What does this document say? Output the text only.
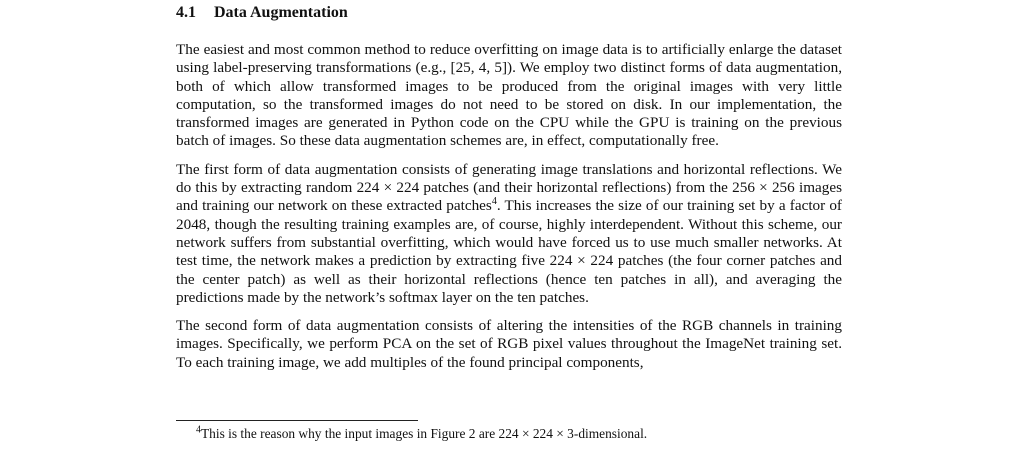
4.1 Data Augmentation

The easiest and most common method to reduce overfitting on image data is to artificially enlarge the dataset using label-preserving transformations (e.g., [25, 4, 5]). We employ two distinct forms of data augmentation, both of which allow transformed images to be produced from the original images with very little computation, so the transformed images do not need to be stored on disk. In our implementation, the transformed images are generated in Python code on the CPU while the GPU is training on the previous batch of images. So these data augmentation schemes are, in effect, computationally free.

The first form of data augmentation consists of generating image translations and horizontal reflections. We do this by extracting random 224 × 224 patches (and their horizontal reflections) from the 256 × 256 images and training our network on these extracted patches$^4$. This increases the size of our training set by a factor of 2048, though the resulting training examples are, of course, highly interdependent. Without this scheme, our network suffers from substantial overfitting, which would have forced us to use much smaller networks. At test time, the network makes a prediction by extracting five 224 × 224 patches (the four corner patches and the center patch) as well as their horizontal reflections (hence ten patches in all), and averaging the predictions made by the network’s softmax layer on the ten patches.

The second form of data augmentation consists of altering the intensities of the RGB channels in training images. Specifically, we perform PCA on the set of RGB pixel values throughout the ImageNet training set. To each training image, we add multiples of the found principal components,

$^4$This is the reason why the input images in Figure 2 are 224 × 224 × 3-dimensional.
